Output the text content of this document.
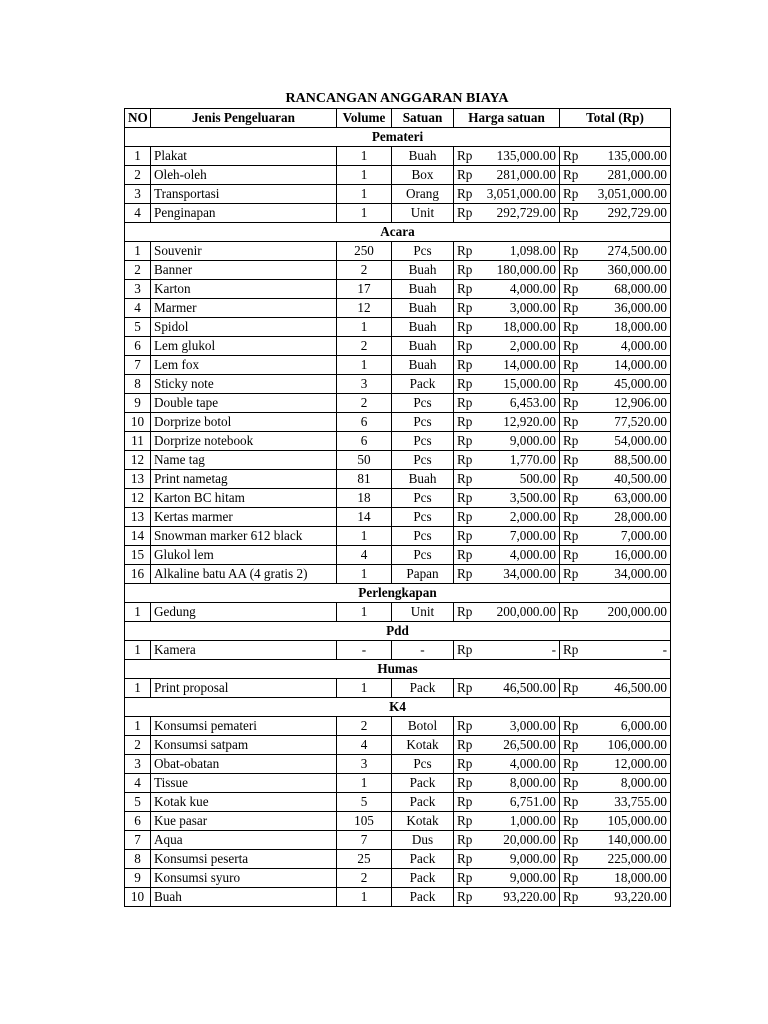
RANCANGAN ANGGARAN BIAYA
NO	Jenis Pengeluaran	Volume	Satuan	Harga satuan	Total (Rp)
Pemateri					
1	Plakat	1	Buah	Rp 135,000.00	Rp 135,000.00

2	Oleh-oleh	1	Box	Rp 281,000.00	Rp 281,000.00

3	Transportasi	1	Orang	Rp 3,051,000.00	Rp 3,051,000.00

4	Penginapan	1	Unit	Rp 292,729.00	Rp 292,729.00

Acara					
1	Souvenir	250	Pcs	Rp 1,098.00	Rp 274,500.00

2	Banner	2	Buah	Rp 180,000.00	Rp 360,000.00

3	Karton	17	Buah	Rp 4,000.00	Rp 68,000.00

4	Marmer	12	Buah	Rp 3,000.00	Rp 36,000.00

5	Spidol	1	Buah	Rp 18,000.00	Rp 18,000.00

6	Lem glukol	2	Buah	Rp 2,000.00	Rp 4,000.00

7	Lem fox	1	Buah	Rp 14,000.00	Rp 14,000.00

8	Sticky note	3	Pack	Rp 15,000.00	Rp 45,000.00

9	Double tape	2	Pcs	Rp 6,453.00	Rp 12,906.00

10	Dorprize botol	6	Pcs	Rp 12,920.00	Rp 77,520.00

11	Dorprize notebook	6	Pcs	Rp 9,000.00	Rp 54,000.00

12	Name tag	50	Pcs	Rp 1,770.00	Rp 88,500.00

13	Print nametag	81	Buah	Rp 500.00	Rp 40,500.00

12	Karton BC hitam	18	Pcs	Rp 3,500.00	Rp 63,000.00

13	Kertas marmer	14	Pcs	Rp 2,000.00	Rp 28,000.00

14	Snowman marker 612 black	1	Pcs	Rp 7,000.00	Rp 7,000.00

15	Glukol lem	4	Pcs	Rp 4,000.00	Rp 16,000.00

16	Alkaline batu AA (4 gratis 2)	1	Papan	Rp 34,000.00	Rp 34,000.00

Perlengkapan					
1	Gedung	1	Unit	Rp 200,000.00	Rp 200,000.00

Pdd					
1	Kamera	-	-	Rp -	Rp -

Humas					
1	Print proposal	1	Pack	Rp 46,500.00	Rp 46,500.00

K4					
1	Konsumsi pemateri	2	Botol	Rp 3,000.00	Rp 6,000.00

2	Konsumsi satpam	4	Kotak	Rp 26,500.00	Rp 106,000.00

3	Obat-obatan	3	Pcs	Rp 4,000.00	Rp 12,000.00

4	Tissue	1	Pack	Rp 8,000.00	Rp 8,000.00

5	Kotak kue	5	Pack	Rp 6,751.00	Rp 33,755.00

6	Kue pasar	105	Kotak	Rp 1,000.00	Rp 105,000.00

7	Aqua	7	Dus	Rp 20,000.00	Rp 140,000.00

8	Konsumsi peserta	25	Pack	Rp 9,000.00	Rp 225,000.00

9	Konsumsi syuro	2	Pack	Rp 9,000.00	Rp 18,000.00

10	Buah	1	Pack	Rp 93,220.00	Rp 93,220.00
